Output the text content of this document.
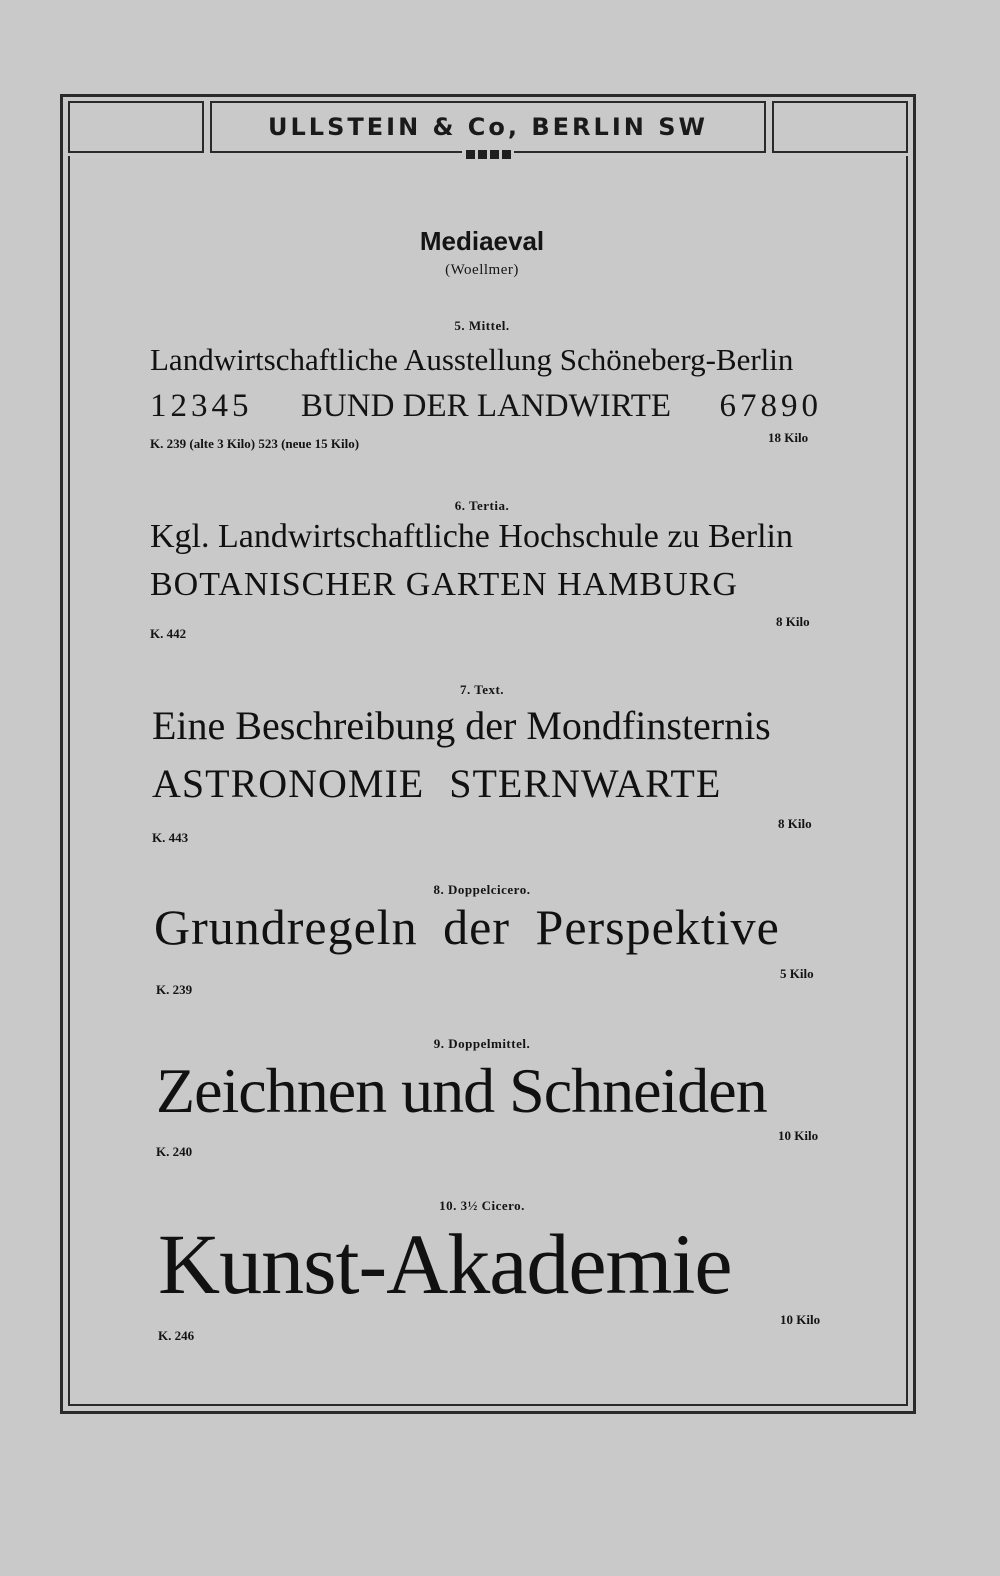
ULLSTEIN & Co, BERLIN SW
Mediaeval
(Woellmer)
5. Mittel.
Landwirtschaftliche Ausstellung Schöneberg-Berlin
12345 BUND DER LANDWIRTE 67890
K. 239 (alte 3 Kilo) 523 (neue 15 Kilo)	18 Kilo
6. Tertia.
Kgl. Landwirtschaftliche Hochschule zu Berlin
BOTANISCHER GARTEN HAMBURG
K. 442
8 Kilo
7. Text.
Eine Beschreibung der Mondfinsternis
ASTRONOMIE STERNWARTE
K. 443
8 Kilo
8. Doppelcicero.
Grundregeln der Perspektive
K. 239
5 Kilo
9. Doppelmittel.
Zeichnen und Schneiden
K. 240
10 Kilo
10. 3½ Cicero.
Kunst-Akademie
K. 246
10 Kilo
